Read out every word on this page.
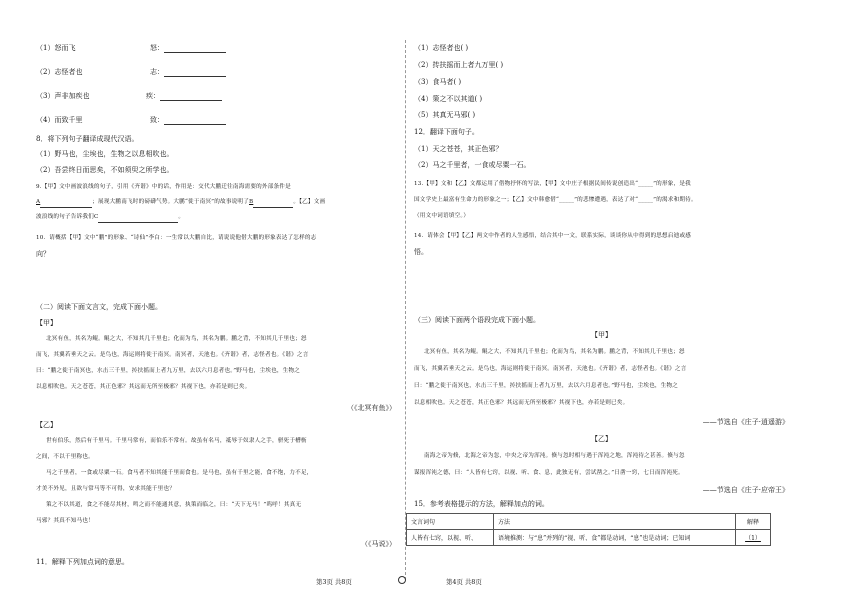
（1）怒而飞	怒：
（2）志怪者也	志：
（3）声非加疾也	疾：
（4）而致千里	致：
8．将下列句子翻译成现代汉语。
（1）野马也，尘埃也，生物之以息相吹也。
（2）吾尝终日而思矣，不如须臾之所学也。
9.【甲】文中画波浪线的句子，引用《齐谐》中的话，作用是：交代大鹏迁往南海需要的外部条件是
A	；展现大鹏南飞时的磅礴气势。大鹏“徙于南冥”的故事说明了B	。【乙】文画
波浪线的句子告诉我们C	。
10．请概括【甲】文中“鹏”的形象、“诗仙”李白：一生常以大鹏自比，请说说他借大鹏的形象表达了怎样的志
向？
（二）阅读下面文言文，完成下面小题。
【甲】
北冥有鱼，其名为鲲。鲲之大，不知其几千里也；化而为鸟，其名为鹏。鹏之背，不知其几千里也；怒
而飞，其翼若垂天之云。是鸟也，海运则将徙于南冥。南冥者，天池也。《齐谐》者，志怪者也。《谐》之言
曰：“鹏之徙于南冥也，水击三千里，抟扶摇而上者九万里，去以六月息者也。”野马也，尘埃也，生物之
以息相吹也。天之苍苍，其正色邪？其远而无所至极邪？其视下也，亦若是则已矣。
（《北冥有鱼》）
【乙】
世有伯乐，然后有千里马。千里马常有，而伯乐不常有。故虽有名马，祗辱于奴隶人之手，骈死于槽枥
之间，不以千里称也。
马之千里者，一食或尽粟一石。食马者不知其能千里而食也。是马也，虽有千里之能，食不饱，力不足，
才美不外见，且欲与常马等不可得，安求其能千里也？
策之不以其道，食之不能尽其材，鸣之而不能通其意，执策而临之，曰：“天下无马！”呜呼！其真无
马邪？其真不知马也！
（《马说》）
11．解释下列加点词的意思。
（1）志怪者也( )
（2）抟扶摇而上者九万里( )
（3）食马者( )
（4）策之不以其道( )
（5）其真无马邪( )
12．翻译下面句子。
（1）天之苍苍，其正色邪？
（2）马之千里者，一食或尽粟一石。
13.【甲】文和【乙】文都运用了借物抒怀的写法，【甲】文中庄子根据民间传说创造出“_____”的形象，是我
国文学史上最富有生命力的形象之一；【乙】文中韩愈借“_____”的悲惨遭遇，表达了对“_____”的渴求和期待。
（用文中词语填空。）
14．请体会【甲】【乙】两文中作者的人生感悟，结合其中一文，联系实际，谈谈你从中得到的思想启迪或感
悟。
（三）阅读下面两个语段完成下面小题。
【甲】
北冥有鱼，其名为鲲。鲲之大，不知其几千里也；化而为鸟，其名为鹏。鹏之背，不知其几千里也；怒
而飞，其翼若垂天之云。是鸟也，海运则将徙于南冥。南冥者，天池也。《齐谐》者，志怪者也。《谐》之言
曰：“鹏之徙于南冥也，水击三千里，抟扶摇而上者九万里，去以六月息者也。”野马也，尘埃也，生物之
以息相吹也。天之苍苍，其正色邪？其远而无所至极邪？其视下也，亦若是则已矣。
——节选自《庄子·逍遥游》
【乙】
南海之帝为倏，北海之帝为忽，中央之帝为浑沌。倏与忽时相与遇于浑沌之地，浑沌待之甚善。倏与忽
谋报浑沌之德，曰：“人皆有七窍，以视、听、食、息，此独无有，尝试凿之。”日凿一窍，七日而浑沌死。
——节选自《庄子·应帝王》
15．参考表格提示的方法，解释加点的词。
文言词句	方法	解释
人皆有七窍，以视、听、	语境推测：与“息”并列的“视、听、食”都是动词，“息”也是动词；已知词	（1）
第3页 共8页	第4页 共8页
